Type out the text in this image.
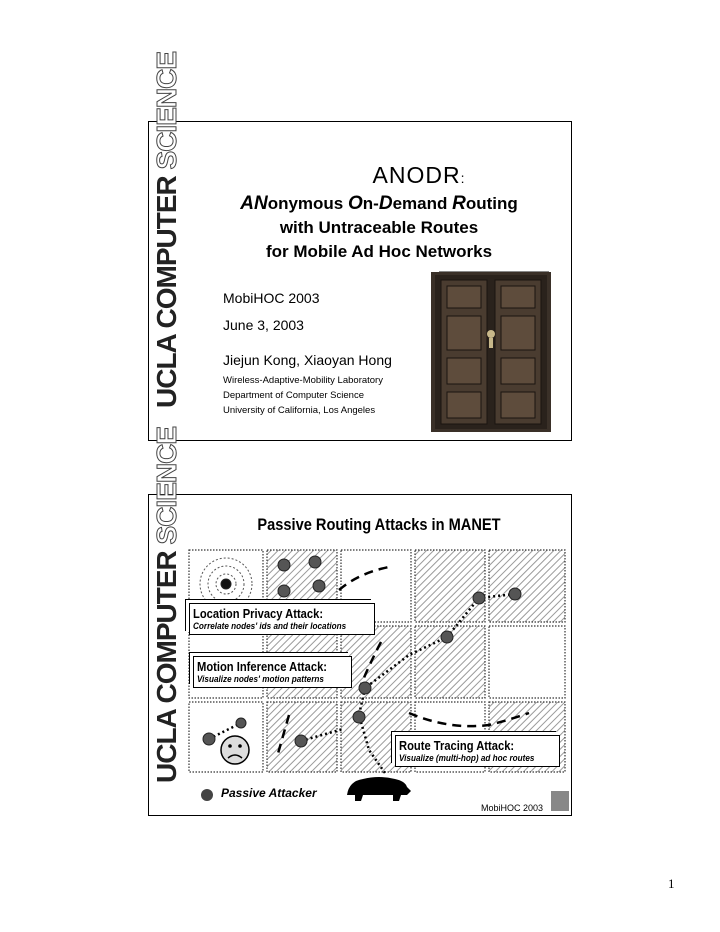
UCLA COMPUTER SCIENCE
ANODR:
ANonymous On-Demand Routing
with Untraceable Routes
for Mobile Ad Hoc Networks
MobiHOC 2003
June 3, 2003
Jiejun Kong, Xiaoyan Hong
Wireless-Adaptive-Mobility Laboratory
Department of Computer Science
University of California, Los Angeles
UCLA COMPUTER SCIENCE	Passive Routing Attacks in MANET
Location Privacy Attack:
Correlate nodes' ids and their locations
Motion Inference Attack:
Visualize nodes' motion patterns
Route Tracing Attack:
Visualize (multi-hop) ad hoc routes
Passive Attacker	2/20
MobiHOC 2003
1
